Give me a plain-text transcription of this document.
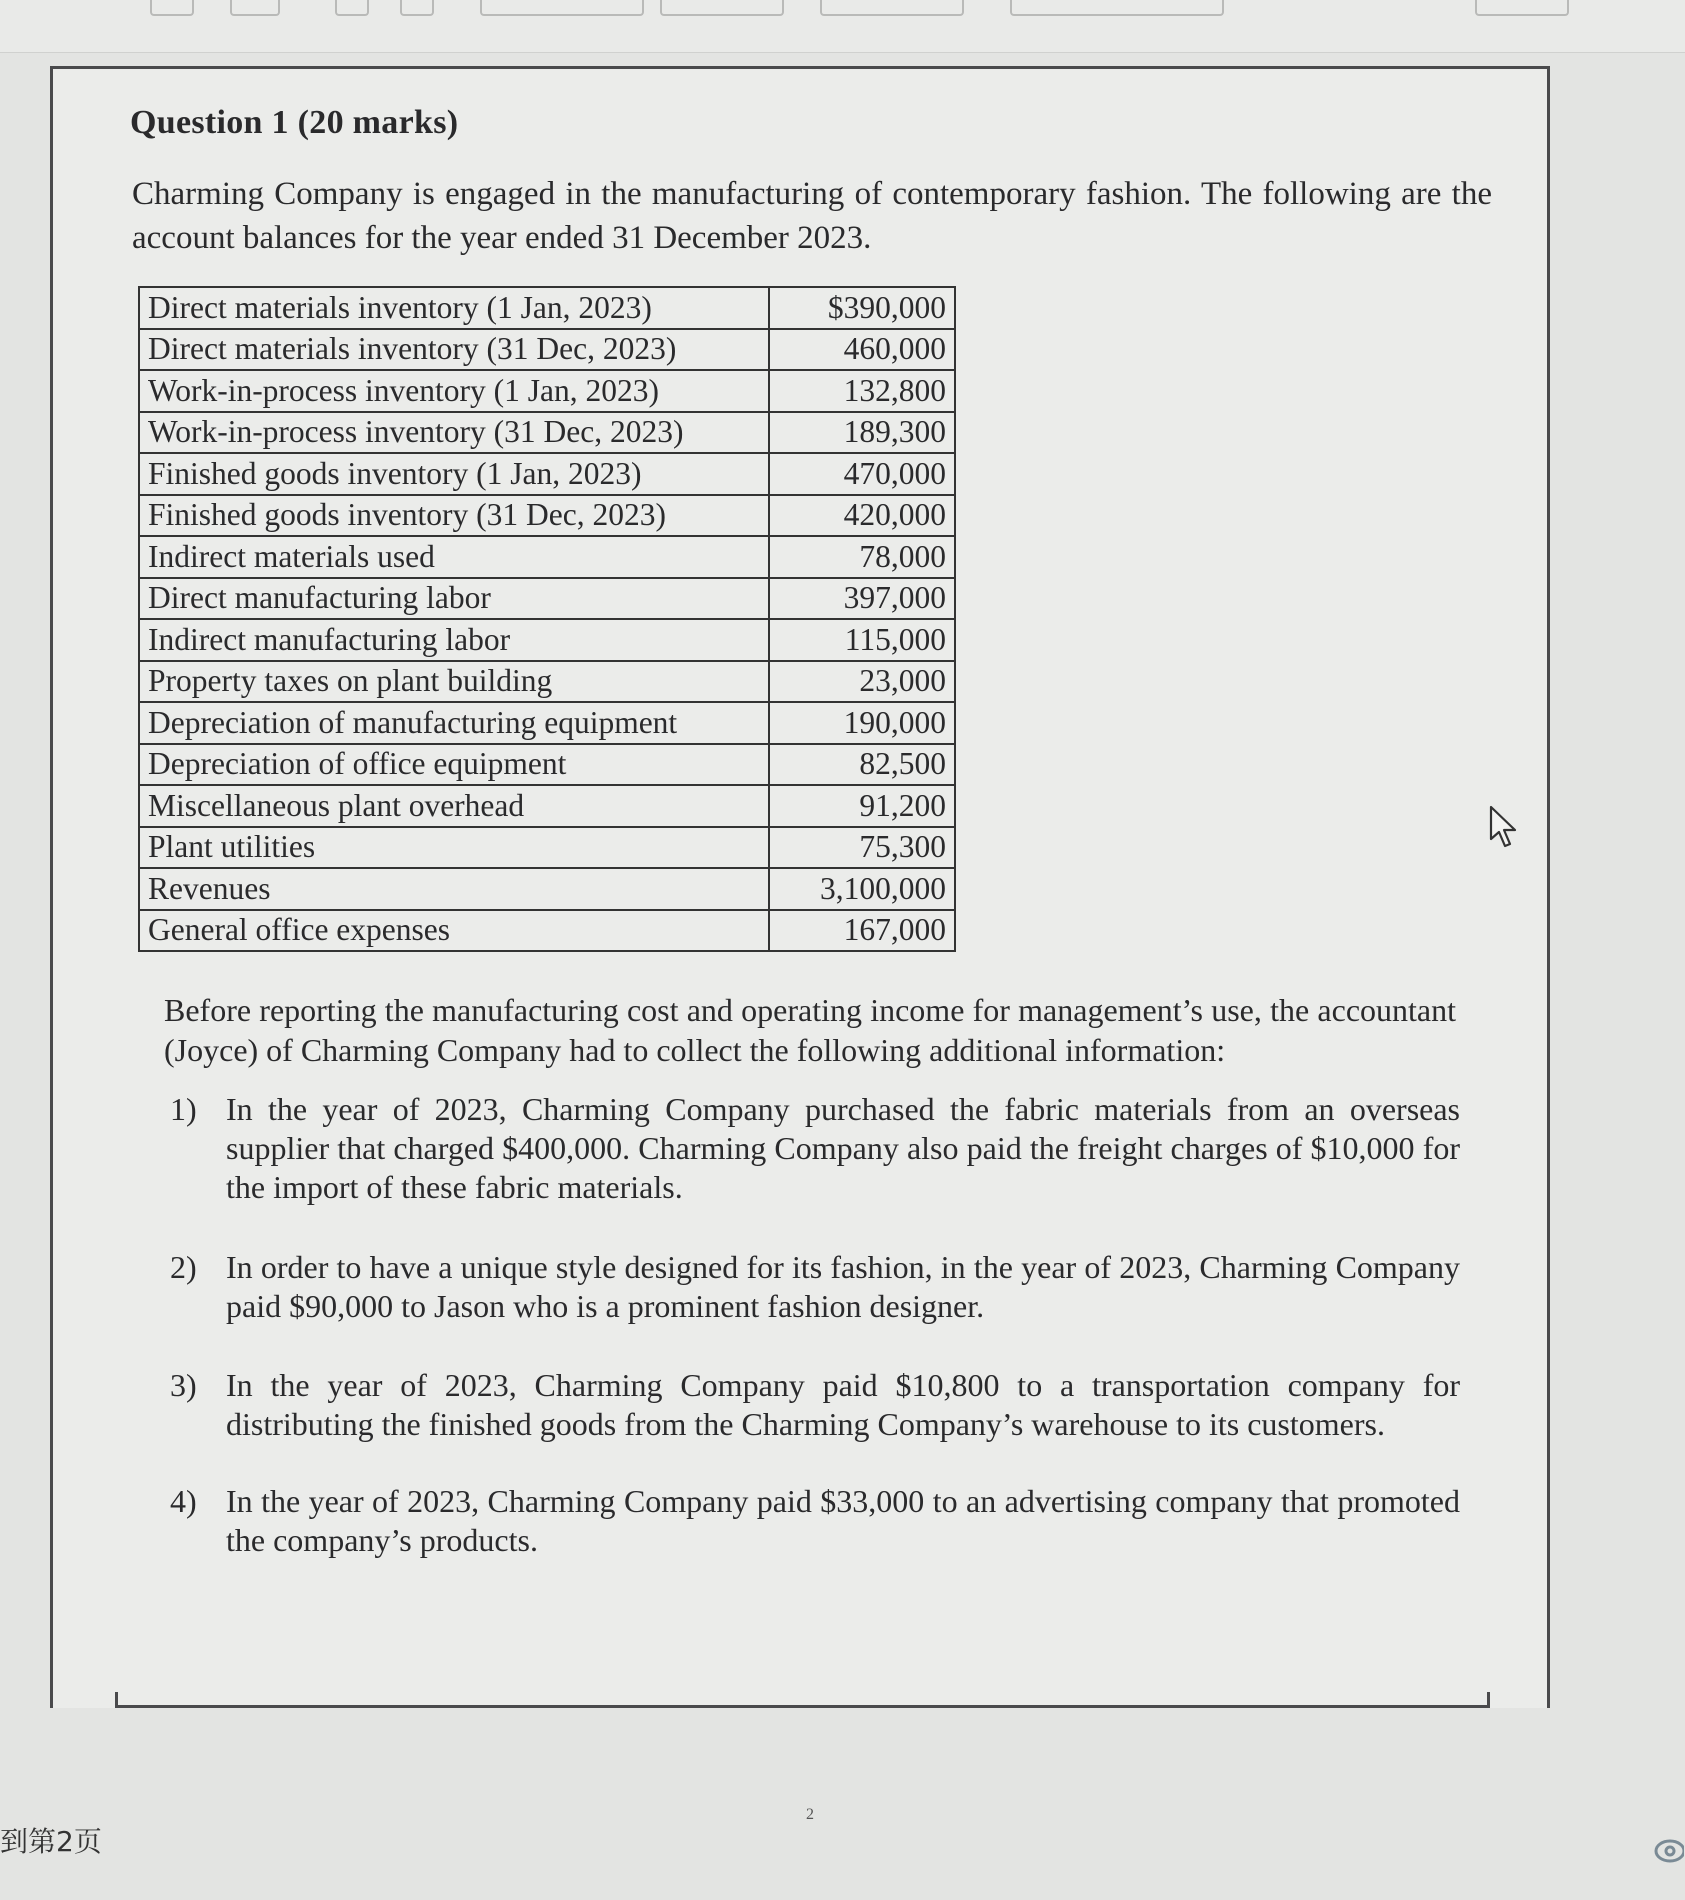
Question 1 (20 marks)
Charming Company is engaged in the manufacturing of contemporary fashion. The following are the account balances for the year ended 31 December 2023.
Direct materials inventory (1 Jan, 2023)	$390,000
Direct materials inventory (31 Dec, 2023)	460,000
Work-in-process inventory (1 Jan, 2023)	132,800
Work-in-process inventory (31 Dec, 2023)	189,300
Finished goods inventory (1 Jan, 2023)	470,000
Finished goods inventory (31 Dec, 2023)	420,000
Indirect materials used	78,000
Direct manufacturing labor	397,000
Indirect manufacturing labor	115,000
Property taxes on plant building	23,000
Depreciation of manufacturing equipment	190,000
Depreciation of office equipment	82,500
Miscellaneous plant overhead	91,200
Plant utilities	75,300
Revenues	3,100,000
General office expenses	167,000
Before reporting the manufacturing cost and operating income for management’s use, the accountant (Joyce) of Charming Company had to collect the following additional information:
1) In the year of 2023, Charming Company purchased the fabric materials from an overseas supplier that charged $400,000. Charming Company also paid the freight charges of $10,000 for the import of these fabric materials.
2) In order to have a unique style designed for its fashion, in the year of 2023, Charming Company paid $90,000 to Jason who is a prominent fashion designer.
3) In the year of 2023, Charming Company paid $10,800 to a transportation company for distributing the finished goods from the Charming Company’s warehouse to its customers.
4) In the year of 2023, Charming Company paid $33,000 to an advertising company that promoted the company’s products.
2
到第2页
